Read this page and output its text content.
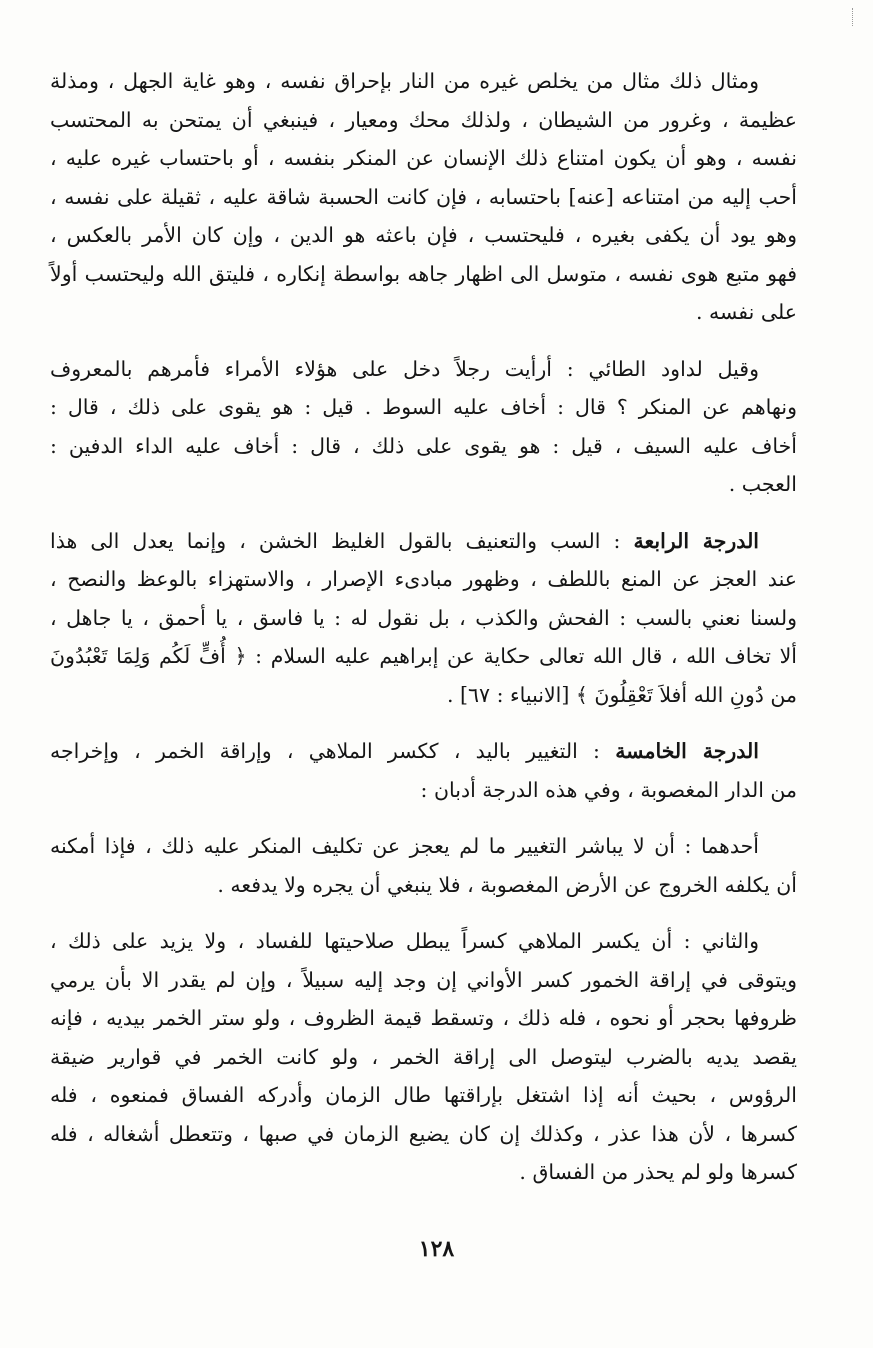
ومثال ذلك مثال من يخلص غيره من النار بإحراق نفسه ، وهو غاية الجهل ، ومذلة
عظيمة ، وغرور من الشيطان ، ولذلك محك ومعيار ، فينبغي أن يمتحن به المحتسب
نفسه ، وهو أن يكون امتناع ذلك الإنسان عن المنكر بنفسه ، أو باحتساب غيره عليه ،
أحب إليه من امتناعه [عنه] باحتسابه ، فإن كانت الحسبة شاقة عليه ، ثقيلة على نفسه ،
وهو يود أن يكفى بغيره ، فليحتسب ، فإن باعثه هو الدين ، وإن كان الأمر بالعكس ،
فهو متبع هوى نفسه ، متوسل الى اظهار جاهه بواسطة إنكاره ، فليتق الله وليحتسب أولاً
على نفسه .
وقيل لداود الطائي : أرأيت رجلاً دخل على هؤلاء الأمراء فأمرهم بالمعروف
ونهاهم عن المنكر ؟ قال : أخاف عليه السوط . قيل : هو يقوى على ذلك ، قال :
أخاف عليه السيف ، قيل : هو يقوى على ذلك ، قال : أخاف عليه الداء الدفين :
العجب .
الدرجة الرابعة : السب والتعنيف بالقول الغليظ الخشن ، وإنما يعدل الى هذا
عند العجز عن المنع باللطف ، وظهور مبادىء الإصرار ، والاستهزاء بالوعظ والنصح ،
ولسنا نعني بالسب : الفحش والكذب ، بل نقول له : يا فاسق ، يا أحمق ، يا جاهل ،
ألا تخاف الله ، قال الله تعالى حكاية عن إبراهيم عليه السلام : ﴿ أُفٍّ لَكُم وَلِمَا تَعْبُدُونَ
من دُونِ الله أفلاَ تَعْقِلُونَ ﴾ [الانبياء : ٦٧] .
الدرجة الخامسة : التغيير باليد ، ككسر الملاهي ، وإراقة الخمر ، وإخراجه
من الدار المغصوبة ، وفي هذه الدرجة أدبان :
أحدهما : أن لا يباشر التغيير ما لم يعجز عن تكليف المنكر عليه ذلك ، فإذا أمكنه
أن يكلفه الخروج عن الأرض المغصوبة ، فلا ينبغي أن يجره ولا يدفعه .
والثاني : أن يكسر الملاهي كسراً يبطل صلاحيتها للفساد ، ولا يزيد على ذلك ،
ويتوقى في إراقة الخمور كسر الأواني إن وجد إليه سبيلاً ، وإن لم يقدر الا بأن يرمي
ظروفها بحجر أو نحوه ، فله ذلك ، وتسقط قيمة الظروف ، ولو ستر الخمر بيديه ، فإنه
يقصد يديه بالضرب ليتوصل الى إراقة الخمر ، ولو كانت الخمر في قوارير ضيقة
الرؤوس ، بحيث أنه إذا اشتغل بإراقتها طال الزمان وأدركه الفساق فمنعوه ، فله
كسرها ، لأن هذا عذر ، وكذلك إن كان يضيع الزمان في صبها ، وتتعطل أشغاله ، فله
كسرها ولو لم يحذر من الفساق .
١٢٨
